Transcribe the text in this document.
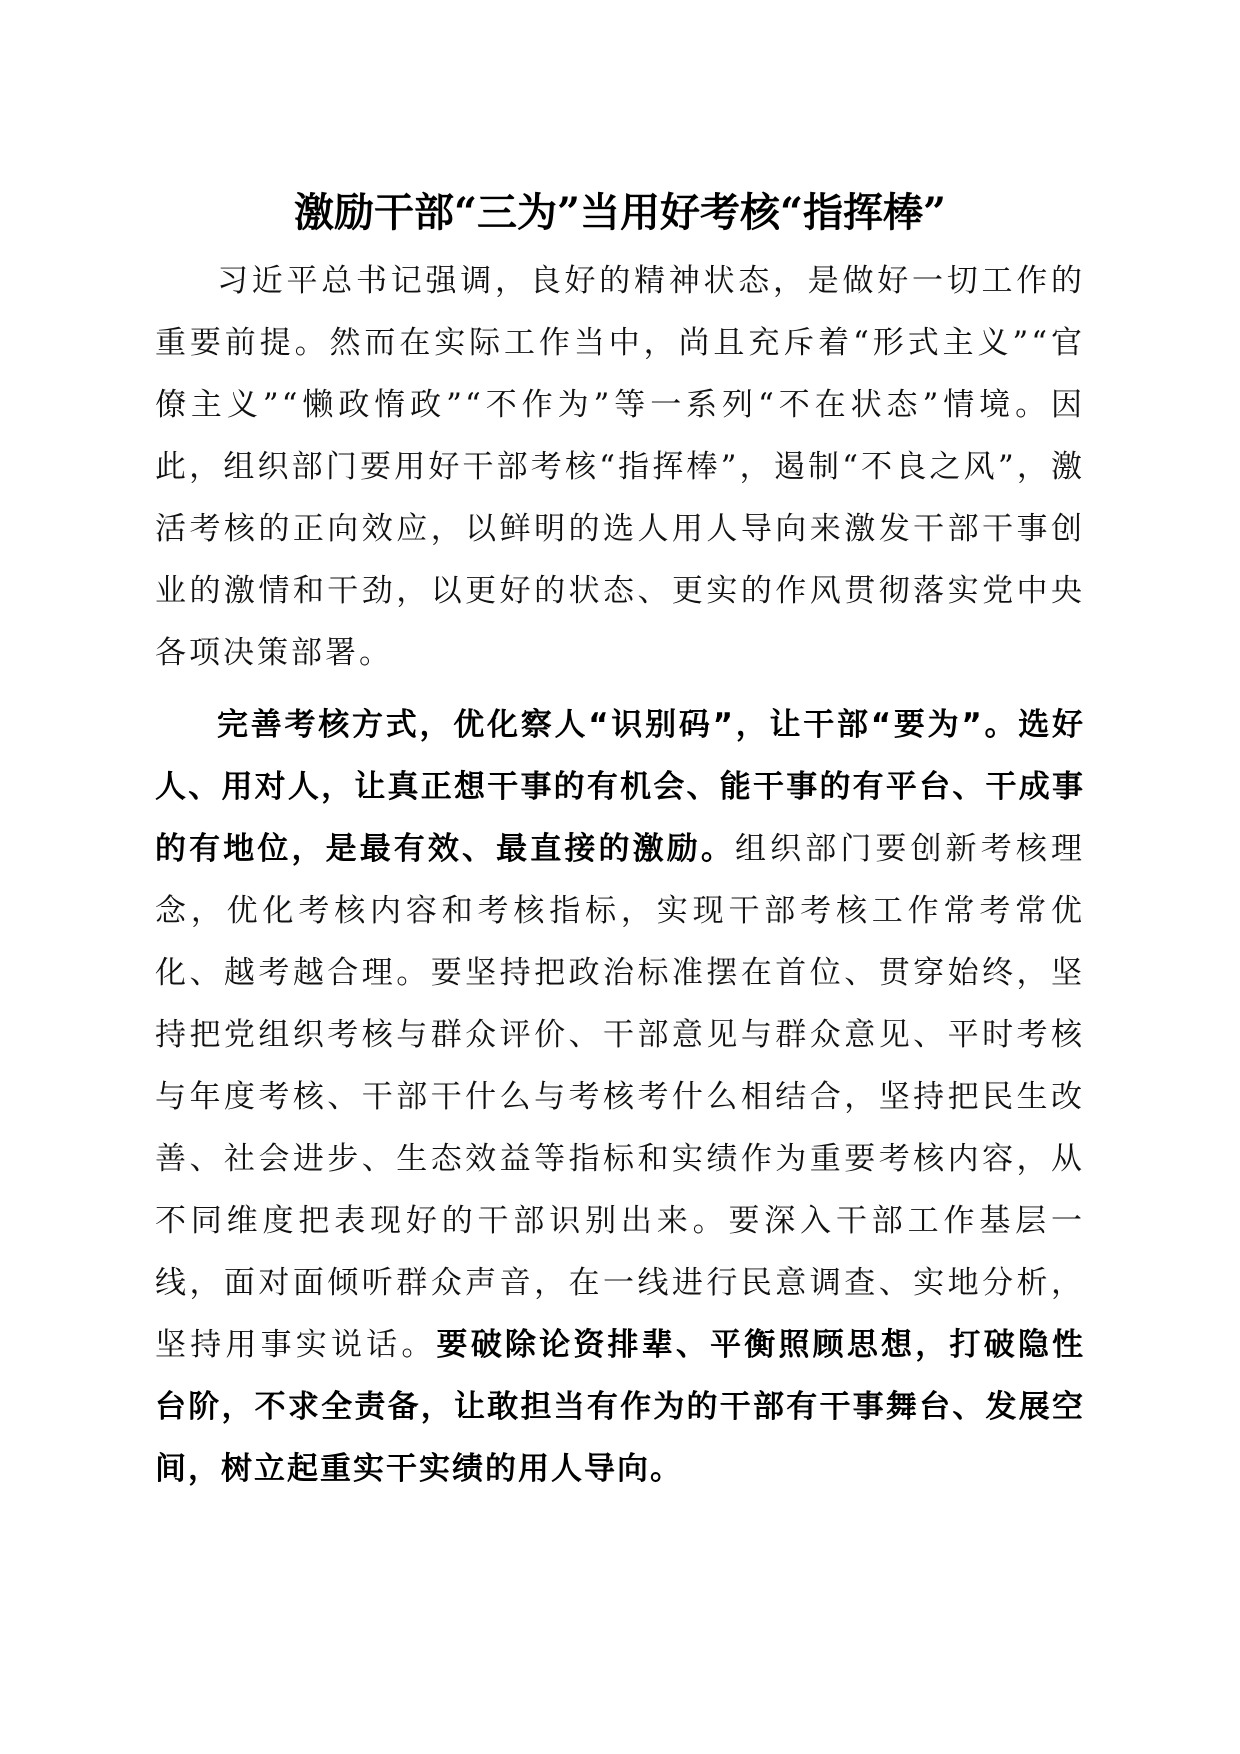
激励干部“三为”当用好考核“指挥棒”

习近平总书记强调，良好的精神状态，是做好一切工作的重要前提。然而在实际工作当中，尚且充斥着“形式主义”“官僚主义”“懒政惰政”“不作为”等一系列“不在状态”情境。因此，组织部门要用好干部考核“指挥棒”，遏制“不良之风”，激活考核的正向效应，以鲜明的选人用人导向来激发干部干事创业的激情和干劲，以更好的状态、更实的作风贯彻落实党中央各项决策部署。

完善考核方式，优化察人“识别码”，让干部“要为”。选好人、用对人，让真正想干事的有机会、能干事的有平台、干成事的有地位，是最有效、最直接的激励。组织部门要创新考核理念，优化考核内容和考核指标，实现干部考核工作常考常优化、越考越合理。要坚持把政治标准摆在首位、贯穿始终，坚持把党组织考核与群众评价、干部意见与群众意见、平时考核与年度考核、干部干什么与考核考什么相结合，坚持把民生改善、社会进步、生态效益等指标和实绩作为重要考核内容，从不同维度把表现好的干部识别出来。要深入干部工作基层一线，面对面倾听群众声音，在一线进行民意调查、实地分析，坚持用事实说话。要破除论资排辈、平衡照顾思想，打破隐性台阶，不求全责备，让敢担当有作为的干部有干事舞台、发展空间，树立起重实干实绩的用人导向。
